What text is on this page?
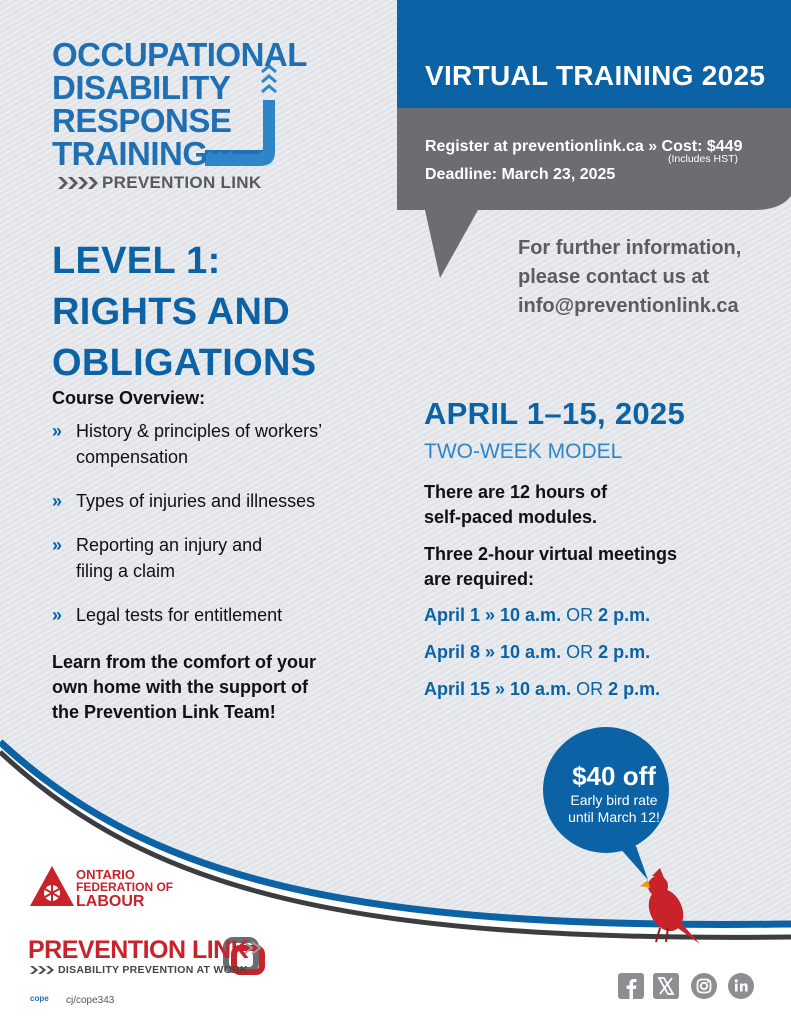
OCCUPATIONAL
DISABILITY
RESPONSE
TRAINING
PREVENTION LINK
VIRTUAL TRAINING 2025
Register at preventionlink.ca » Cost: $449
Deadline: March 23, 2025
(Includes HST)
For further information,
please contact us at
info@preventionlink.ca
LEVEL 1:
RIGHTS AND
OBLIGATIONS
Course Overview:
» History & principles of workers’
compensation
» Types of injuries and illnesses
» Reporting an injury and
filing a claim
» Legal tests for entitlement
Learn from the comfort of your
own home with the support of
the Prevention Link Team!
APRIL 1–15, 2025
TWO-WEEK MODEL
There are 12 hours of
self-paced modules.
Three 2-hour virtual meetings
are required:
April 1 » 10 a.m. OR 2 p.m.
April 8 » 10 a.m. OR 2 p.m.
April 15 » 10 a.m. OR 2 p.m.
$40 off
Early bird rate
until March 12!
ONTARIO
FEDERATION OF
LABOUR
PREVENTION LINK
DISABILITY PREVENTION AT WORK
cope cj/cope343
